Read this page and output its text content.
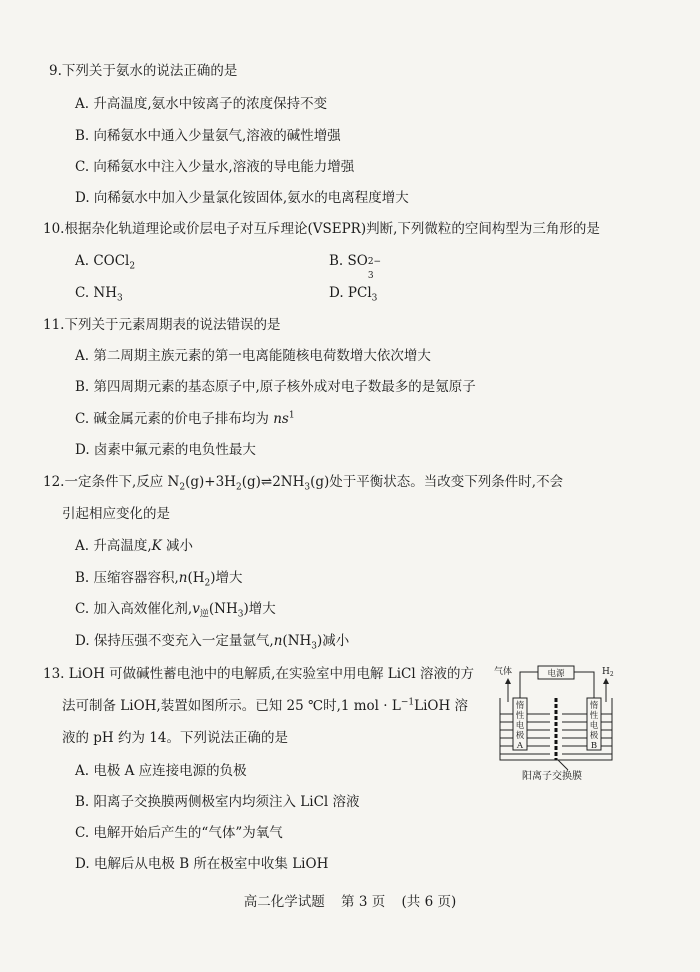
9.下列关于氨水的说法正确的是
A. 升高温度,氨水中铵离子的浓度保持不变
B. 向稀氨水中通入少量氨气,溶液的碱性增强
C. 向稀氨水中注入少量水,溶液的导电能力增强
D. 向稀氨水中加入少量氯化铵固体,氨水的电离程度增大
10.根据杂化轨道理论或价层电子对互斥理论(VSEPR)判断,下列微粒的空间构型为三角形的是
A. COCl$_2$	B. SO 2−
3
C. $NH_3$	D. PCl$_3$
11.下列关于元素周期表的说法错误的是
A. 第二周期主族元素的第一电离能随核电荷数增大依次增大
B. 第四周期元素的基态原子中,原子核外成对电子数最多的是氪原子
C. 碱金属元素的价电子排布均为 $ns^1$
D. 卤素中氟元素的电负性最大
12.一定条件下,反应 $N_2(g)+3H_2(g)\rightleftharpoons 2NH_3(g)$处于平衡状态。当改变下列条件时,不会
引起相应变化的是
A. 升高温度,K 减小
B. 压缩容器容积$,n(H_2)$增大
C. 加入高效催化剂$,v_逆(NH_3)$增大
D. 保持压强不变充入一定量氩气$,n(NH_3)$减小
13. LiOH 可做碱性蓄电池中的电解质,在实验室中用电解 LiCl 溶液的方
法可制备 LiOH,装置如图所示。已知 25 ℃时,1 mol · $L^{-1}LiOH$ 溶
液的 pH 约为 14。下列说法正确的是
A. 电极 A 应连接电源的负极
B. 阳离子交换膜两侧极室内均须注入 LiCl 溶液
C. 电解开始后产生的“气体”为氧气
D. 电解后从电极 B 所在极室中收集 LiOH
惰
性
电
极
A
惰
性
电
极
B
电源
气体	$H_2$
阳离子交换膜
高二化学试题 第 3 页 (共 6 页)
